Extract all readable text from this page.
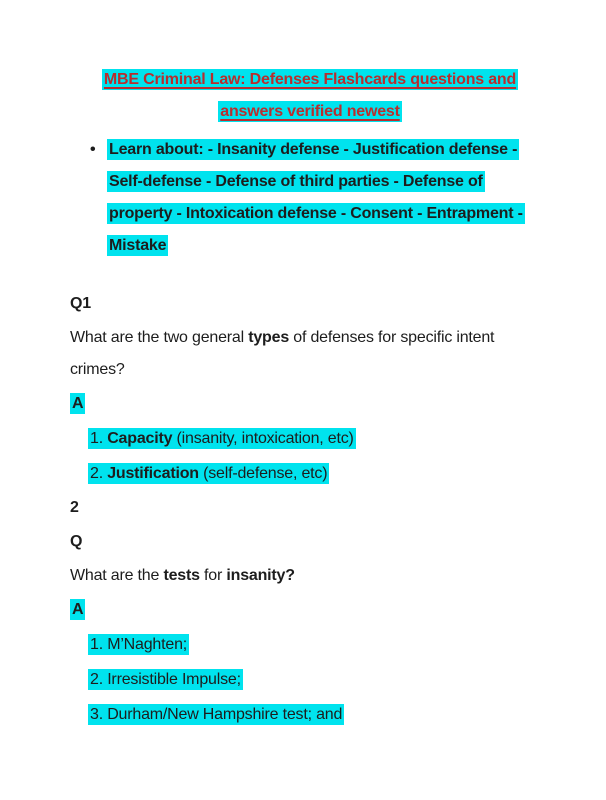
MBE Criminal Law: Defenses Flashcards questions and answers verified newest

• Learn about: - Insanity defense - Justification defense - Self-defense - Defense of third parties - Defense of property - Intoxication defense - Consent - Entrapment - Mistake

Q1

What are the two general types of defenses for specific intent crimes?

A

1. Capacity (insanity, intoxication, etc)

2. Justification (self-defense, etc)

2

Q

What are the tests for insanity?

A

1. M’Naghten;

2. Irresistible Impulse;

3. Durham/New Hampshire test; and
